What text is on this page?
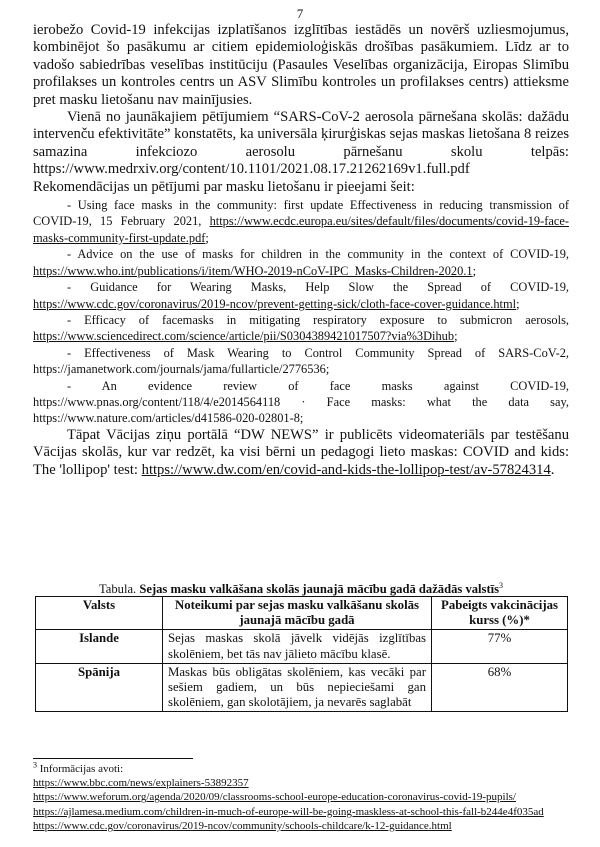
7

ierobežo Covid-19 infekcijas izplatīšanos izglītības iestādēs un novērš uzliesmojumus, kombinējot šo pasākumu ar citiem epidemioloģiskās drošības pasākumiem. Līdz ar to vadošo sabiedrības veselības institūciju (Pasaules Veselības organizācija, Eiropas Slimību profilakses un kontroles centrs un ASV Slimību kontroles un profilakses centrs) attieksme pret masku lietošanu nav mainījusies.

Vienā no jaunākajiem pētījumiem “SARS-CoV-2 aerosola pārnešana skolās: dažādu intervenču efektivitāte” konstatēts, ka universāla ķirurģiskas sejas maskas lietošana 8 reizes samazina infekciozo aerosolu pārnešanu skolu telpās: https://www.medrxiv.org/content/10.1101/2021.08.17.21262169v1.full.pdf

Rekomendācijas un pētījumi par masku lietošanu ir pieejami šeit:

- Using face masks in the community: first update Effectiveness in reducing transmission of COVID-19, 15 February 2021, https://www.ecdc.europa.eu/sites/default/files/documents/covid-19-face-masks-community-first-update.pdf;
- Advice on the use of masks for children in the community in the context of COVID-19, https://www.who.int/publications/i/item/WHO-2019-nCoV-IPC_Masks-Children-2020.1;
- Guidance for Wearing Masks, Help Slow the Spread of COVID-19, https://www.cdc.gov/coronavirus/2019-ncov/prevent-getting-sick/cloth-face-cover-guidance.html;
- Efficacy of facemasks in mitigating respiratory exposure to submicron aerosols, https://www.sciencedirect.com/science/article/pii/S0304389421017507?via%3Dihub;
- Effectiveness of Mask Wearing to Control Community Spread of SARS-CoV-2, https://jamanetwork.com/journals/jama/fullarticle/2776536;
- An evidence review of face masks against COVID-19, https://www.pnas.org/content/118/4/e2014564118 · Face masks: what the data say, https://www.nature.com/articles/d41586-020-02801-8;

Tāpat Vācijas ziņu portālā “DW NEWS” ir publicēts videomateriāls par testēšanu Vācijas skolās, kur var redzēt, ka visi bērni un pedagogi lieto maskas: COVID and kids: The 'lollipop' test: https://www.dw.com/en/covid-and-kids-the-lollipop-test/av-57824314.

Tabula. Sejas masku valkāšana skolās jaunajā mācību gadā dažādās valstīs$^3$
Valsts	Noteikumi par sejas masku valkāšanu skolās jaunajā mācību gadā	Pabeigts vakcinācijas kurss (%)*
Islande	Sejas maskas skolā jāvelk vidējās izglītības skolēniem, bet tās nav jālieto mācību klasē.	77%
Spānija	Maskas būs obligātas skolēniem, kas vecāki par sešiem gadiem, un būs nepieciešami gan skolēniem, gan skolotājiem, ja nevarēs saglabāt	68%
$^3$ Informācijas avoti:
https://www.bbc.com/news/explainers-53892357
https://www.weforum.org/agenda/2020/09/classrooms-school-europe-education-coronavirus-covid-19-pupils/
https://ajlamesa.medium.com/children-in-much-of-europe-will-be-going-maskless-at-school-this-fall-b244e4f035ad
https://www.cdc.gov/coronavirus/2019-ncov/community/schools-childcare/k-12-guidance.html
